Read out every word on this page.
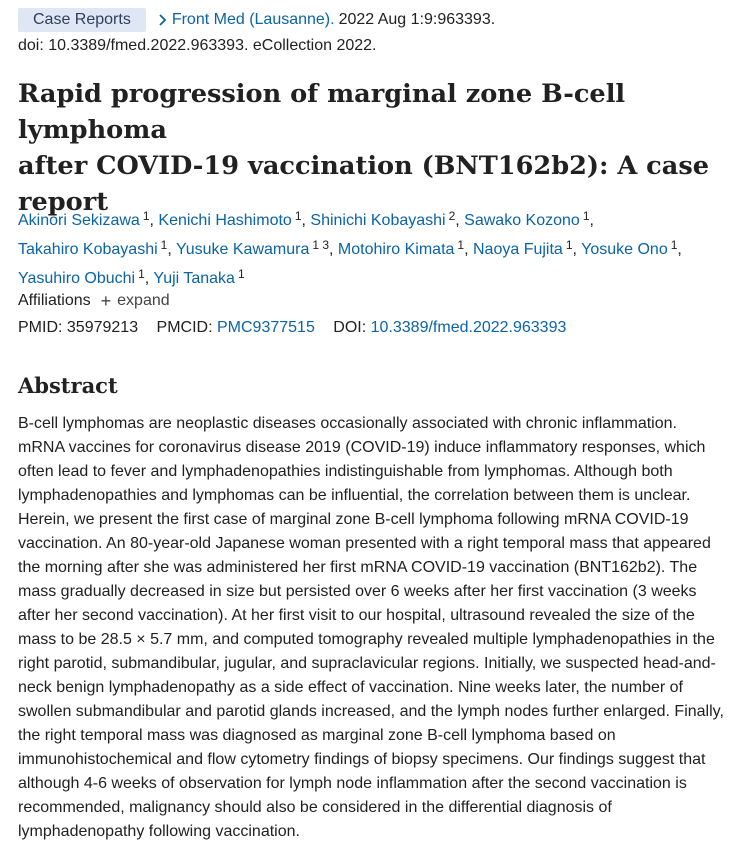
Case Reports	Front Med (Lausanne). 2022 Aug 1:9:963393.
doi: 10.3389/fmed.2022.963393. eCollection 2022.
Rapid progression of marginal zone B-cell lymphoma
after COVID-19 vaccination (BNT162b2): A case
report
Akinori Sekizawa $^1$, Kenichi Hashimoto $^1$, Shinichi Kobayashi $^2$, Sawako Kozono $^1$,
Takahiro Kobayashi $^1$, Yusuke Kawamura $^{1 3}$, Motohiro Kimata $^1$, Naoya Fujita $^1$, Yosuke Ono $^1$,
Yasuhiro Obuchi $^1$, Yuji Tanaka $^1$
Affiliations + expand
PMID: 35979213 PMCID: PMC9377515 DOI: 10.3389/fmed.2022.963393
Abstract
B-cell lymphomas are neoplastic diseases occasionally associated with chronic inflammation.
mRNA vaccines for coronavirus disease 2019 (COVID-19) induce inflammatory responses, which
often lead to fever and lymphadenopathies indistinguishable from lymphomas. Although both
lymphadenopathies and lymphomas can be influential, the correlation between them is unclear.
Herein, we present the first case of marginal zone B-cell lymphoma following mRNA COVID-19
vaccination. An 80-year-old Japanese woman presented with a right temporal mass that appeared
the morning after she was administered her first mRNA COVID-19 vaccination (BNT162b2). The
mass gradually decreased in size but persisted over 6 weeks after her first vaccination (3 weeks
after her second vaccination). At her first visit to our hospital, ultrasound revealed the size of the
mass to be 28.5 × 5.7 mm, and computed tomography revealed multiple lymphadenopathies in the
right parotid, submandibular, jugular, and supraclavicular regions. Initially, we suspected head-and-
neck benign lymphadenopathy as a side effect of vaccination. Nine weeks later, the number of
swollen submandibular and parotid glands increased, and the lymph nodes further enlarged. Finally,
the right temporal mass was diagnosed as marginal zone B-cell lymphoma based on
immunohistochemical and flow cytometry findings of biopsy specimens. Our findings suggest that
although 4-6 weeks of observation for lymph node inflammation after the second vaccination is
recommended, malignancy should also be considered in the differential diagnosis of
lymphadenopathy following vaccination.
